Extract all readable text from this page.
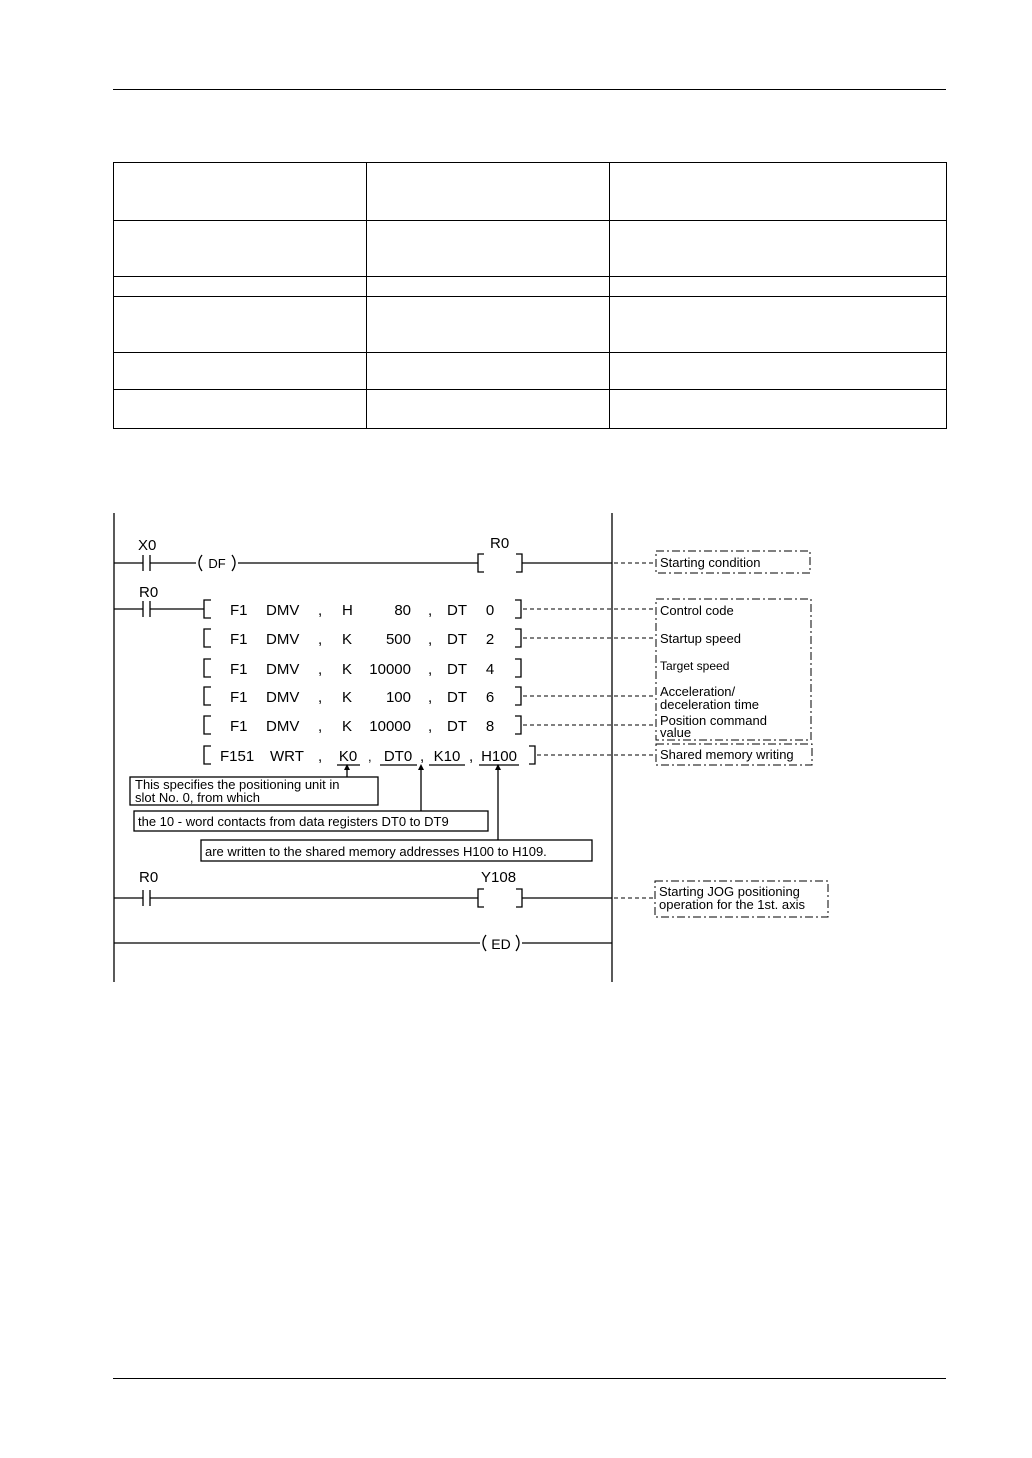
X0
DF
R0
R0
F1 DMV , H	80 , DT 0
F1 DMV , K 500 , DT 2
F1 DMV , K 10000 , DT 4
F1 DMV , K 100 , DT 6
F1 DMV , K 10000 , DT 8
F151 WRT , K0 , DT0 , K10 , H100
This specifies the positioning unit in
slot No. 0, from which
the 10 - word contacts from data registers DT0 to DT9
are written to the shared memory addresses H100 to H109.
R0	Y108
ED
Starting condition
Control code
Startup speed
Target speed
Acceleration/
deceleration time
Position command
value
Shared memory writing
Starting JOG positioning
operation for the 1st. axis
